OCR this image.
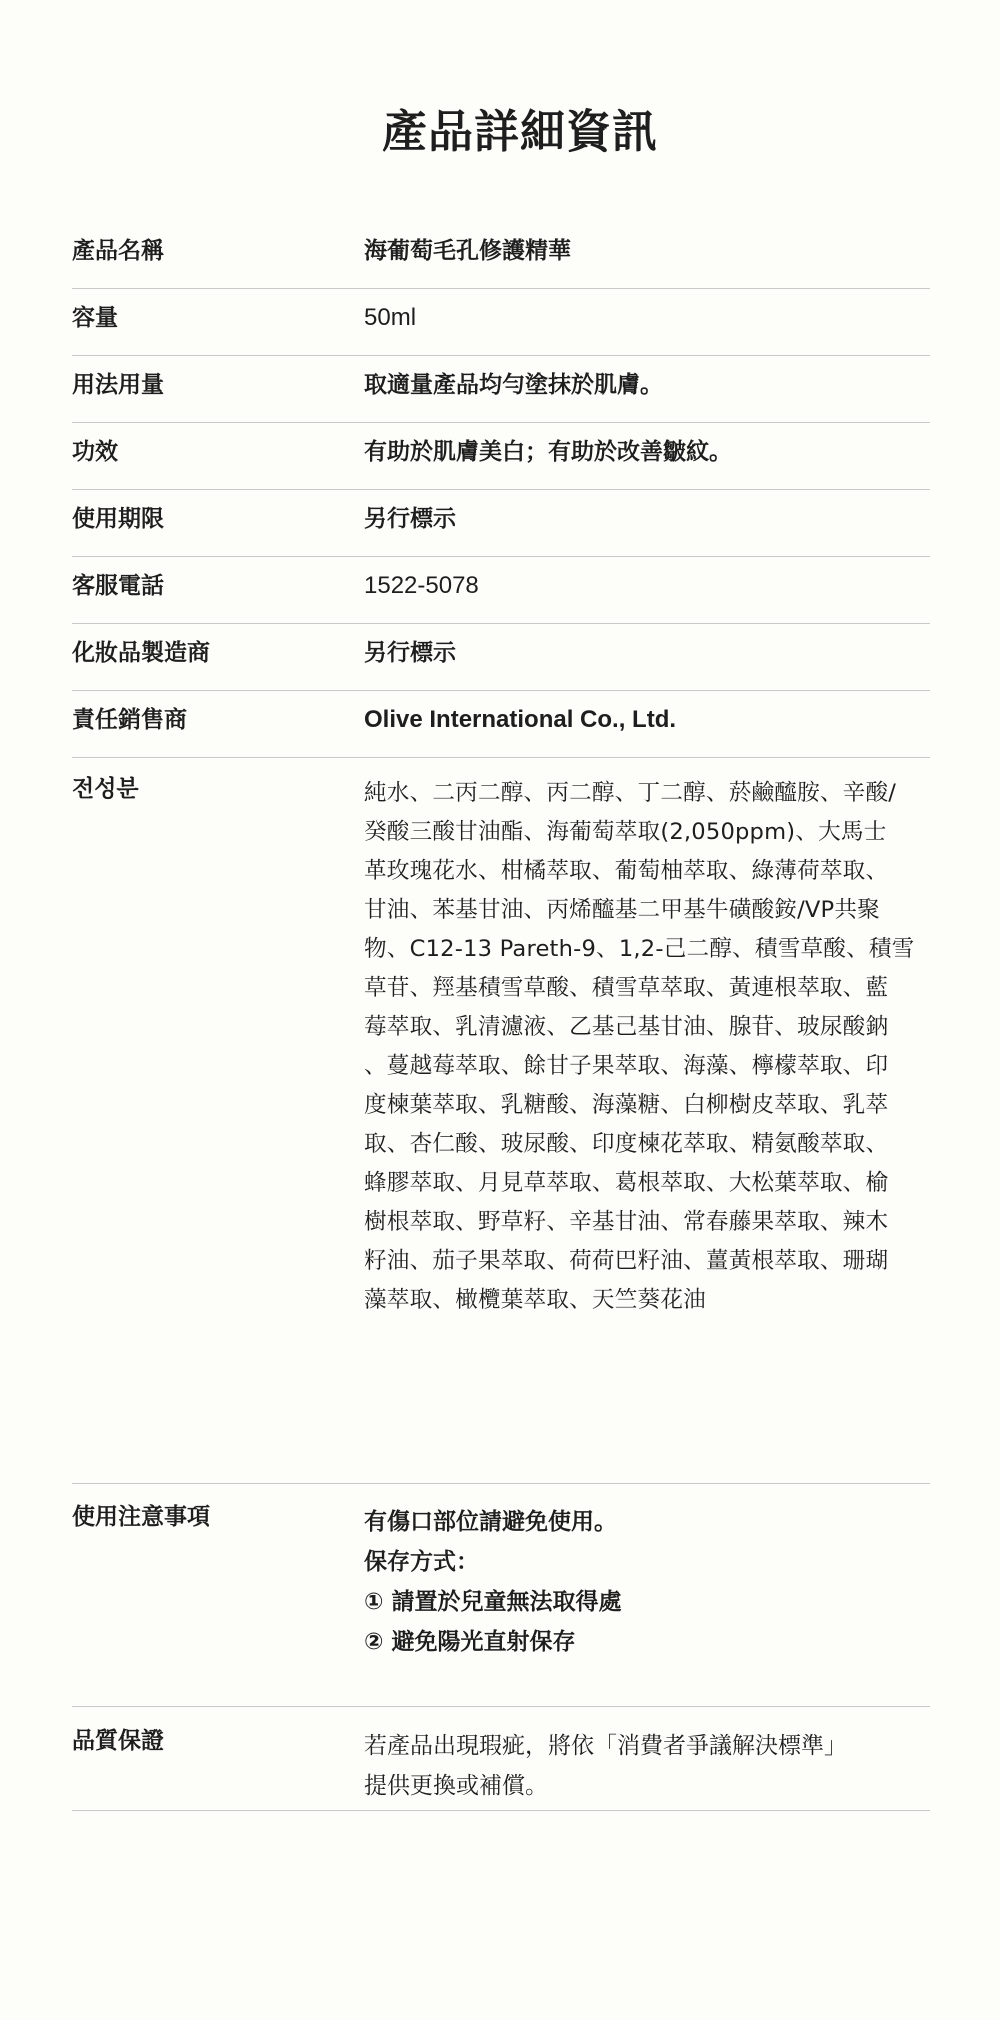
產品詳細資訊
產品名稱	海葡萄毛孔修護精華
容量	50ml
用法用量	取適量產品均勻塗抹於肌膚。
功效	有助於肌膚美白；有助於改善皺紋。
使用期限	另行標示
客服電話	1522-5078
化妝品製造商	另行標示
責任銷售商	Olive International Co., Ltd.
전성분	純水、二丙二醇、丙二醇、丁二醇、菸鹼醯胺、辛酸/
癸酸三酸甘油酯、海葡萄萃取(2,050ppm)、大馬士
革玫瑰花水、柑橘萃取、葡萄柚萃取、綠薄荷萃取、
甘油、苯基甘油、丙烯醯基二甲基牛磺酸銨/VP共聚
物、C12-13 Pareth-9、1,2-己二醇、積雪草酸、積雪
草苷、羥基積雪草酸、積雪草萃取、黃連根萃取、藍
莓萃取、乳清濾液、乙基己基甘油、腺苷、玻尿酸鈉
、蔓越莓萃取、餘甘子果萃取、海藻、檸檬萃取、印
度楝葉萃取、乳糖酸、海藻糖、白柳樹皮萃取、乳萃
取、杏仁酸、玻尿酸、印度楝花萃取、精氨酸萃取、
蜂膠萃取、月見草萃取、葛根萃取、大松葉萃取、榆
樹根萃取、野草籽、辛基甘油、常春藤果萃取、辣木
籽油、茄子果萃取、荷荷巴籽油、薑黃根萃取、珊瑚
藻萃取、橄欖葉萃取、天竺葵花油
使用注意事項	有傷口部位請避免使用。
保存方式：
① 請置於兒童無法取得處
② 避免陽光直射保存
品質保證	若產品出現瑕疵，將依「消費者爭議解決標準」
提供更換或補償。
